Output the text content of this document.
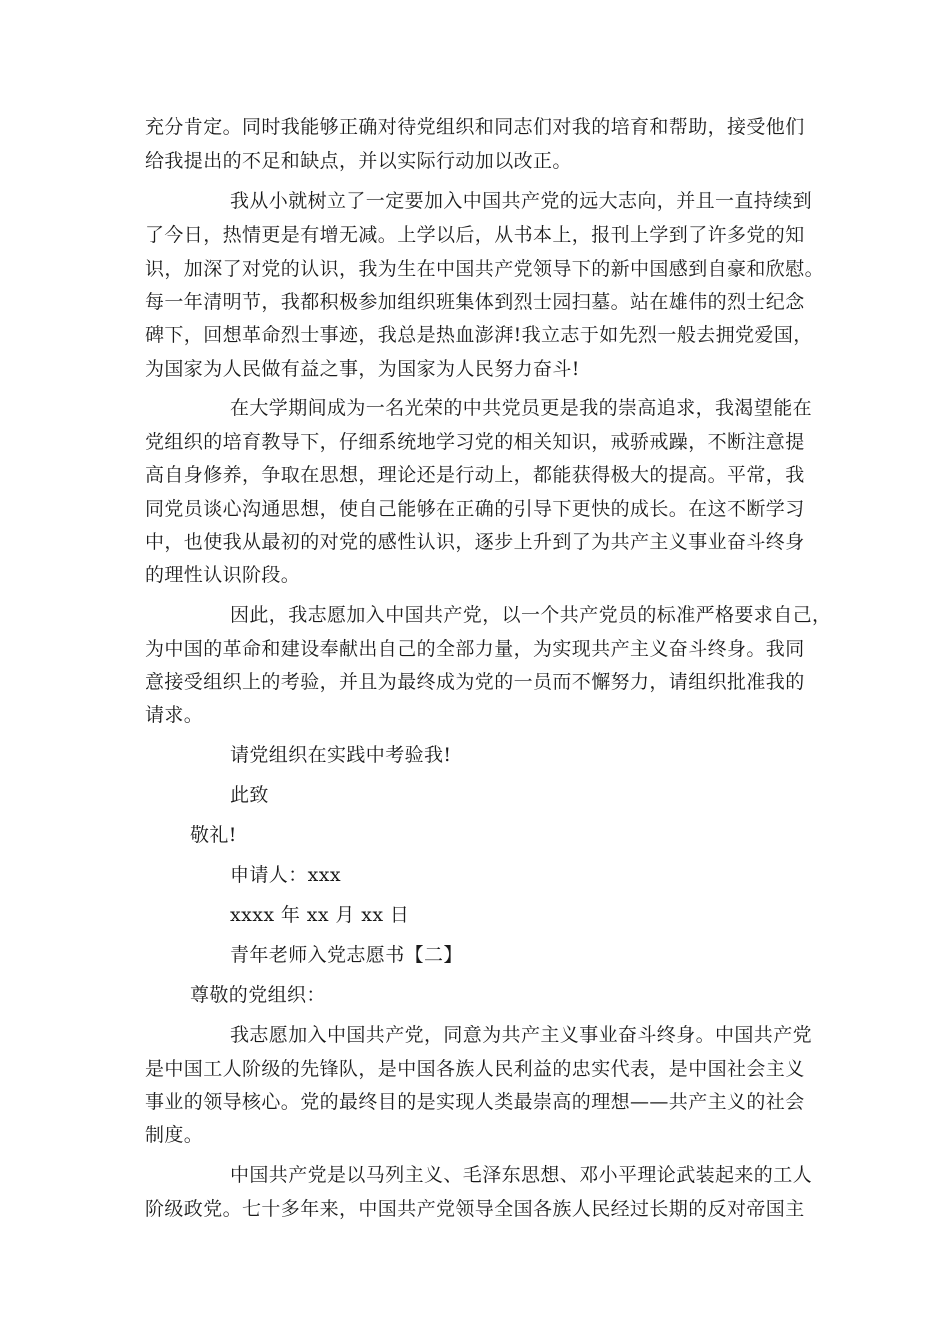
充分肯定。同时我能够正确对待党组织和同志们对我的培育和帮助，接受他们
给我提出的不足和缺点，并以实际行动加以改正。
我从小就树立了一定要加入中国共产党的远大志向，并且一直持续到
了今日，热情更是有增无减。上学以后，从书本上，报刊上学到了许多党的知
识，加深了对党的认识，我为生在中国共产党领导下的新中国感到自豪和欣慰。
每一年清明节，我都积极参加组织班集体到烈士园扫墓。站在雄伟的烈士纪念
碑下，回想革命烈士事迹，我总是热血澎湃!我立志于如先烈一般去拥党爱国，
为国家为人民做有益之事，为国家为人民努力奋斗!
在大学期间成为一名光荣的中共党员更是我的崇高追求，我渴望能在
党组织的培育教导下，仔细系统地学习党的相关知识，戒骄戒躁，不断注意提
高自身修养，争取在思想，理论还是行动上，都能获得极大的提高。平常，我
同党员谈心沟通思想，使自己能够在正确的引导下更快的成长。在这不断学习
中，也使我从最初的对党的感性认识，逐步上升到了为共产主义事业奋斗终身
的理性认识阶段。
因此，我志愿加入中国共产党，以一个共产党员的标准严格要求自己，
为中国的革命和建设奉献出自己的全部力量，为实现共产主义奋斗终身。我同
意接受组织上的考验，并且为最终成为党的一员而不懈努力，请组织批准我的
请求。
请党组织在实践中考验我!
此致
敬礼!
申请人：xxx
xxxx 年 xx 月 xx 日
青年老师入党志愿书【二】
尊敬的党组织：
我志愿加入中国共产党，同意为共产主义事业奋斗终身。中国共产党
是中国工人阶级的先锋队，是中国各族人民利益的忠实代表，是中国社会主义
事业的领导核心。党的最终目的是实现人类最崇高的理想——共产主义的社会
制度。
中国共产党是以马列主义、毛泽东思想、邓小平理论武装起来的工人
阶级政党。七十多年来，中国共产党领导全国各族人民经过长期的反对帝国主
